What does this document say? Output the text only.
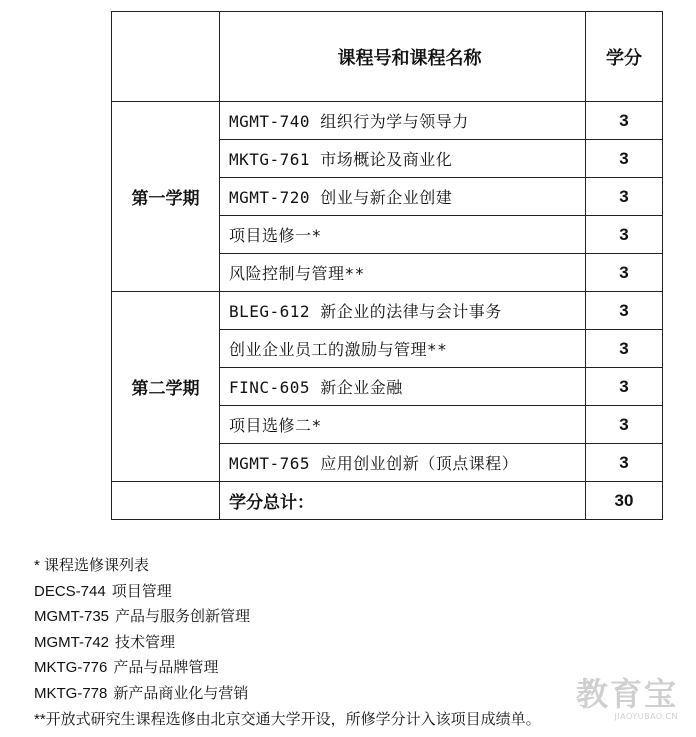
	课程号和课程名称	学分
第一学期	MGMT-740 组织行为学与领导力	3
	MKTG-761 市场概论及商业化	3
	MGMT-720 创业与新企业创建	3
	项目选修一*	3
	风险控制与管理**	3
第二学期	BLEG-612 新企业的法律与会计事务	3
	创业企业员工的激励与管理**	3
	FINC-605 新企业金融	3
	项目选修二*	3
	MGMT-765 应用创业创新（顶点课程）	3
	学分总计：	30
* 课程选修课列表
DECS-744 项目管理
MGMT-735 产品与服务创新管理
MGMT-742 技术管理
MKTG-776 产品与品牌管理
MKTG-778 新产品商业化与营销
**开放式研究生课程选修由北京交通大学开设，所修学分计入该项目成绩单。
教育宝
JIAOYUBAO.CN
